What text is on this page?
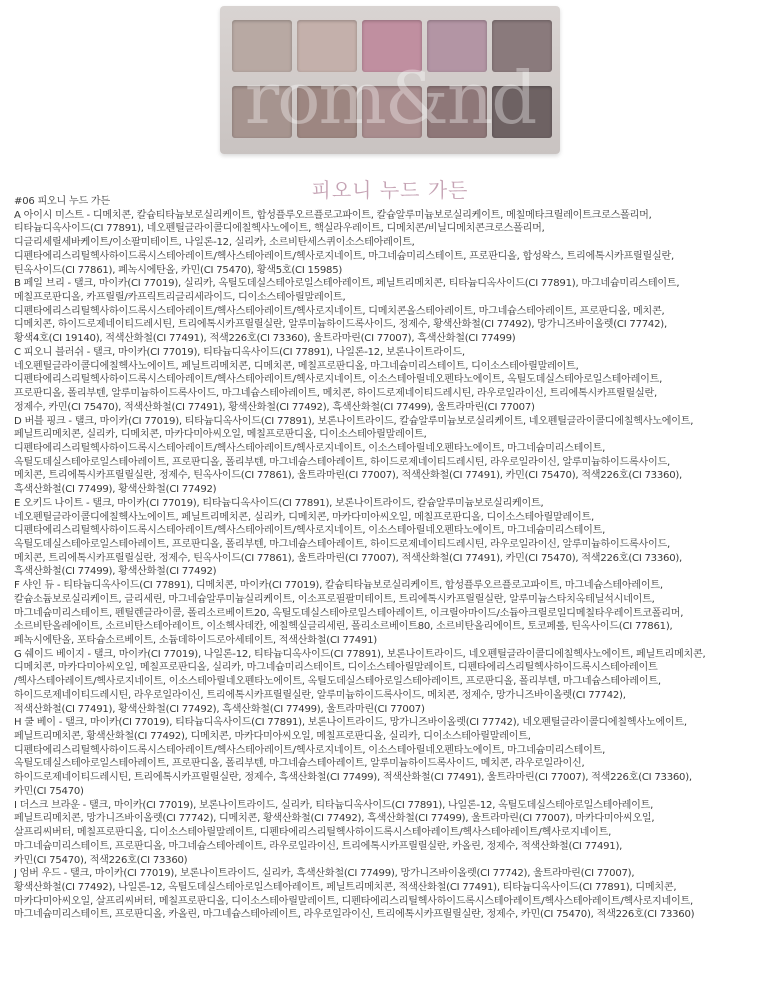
rom&nd
피오니 누드 가든
#06 피오니 누드 가든
A 아이시 미스트 - 디메치콘, 칼슘티타늄보로실리케이트, 합성플루오르플로고파이트, 칼슘알루미늄보로실리케이트, 메칠메타크릴레이트크로스폴리머,
티타늄디옥사이드(CI 77891), 네오펜틸글라이콜디에칠헥사노에이트, 핵실라우레이트, 디메치콘/비닐디메치콘크로스폴리머,
디글리세릴세바케이트/이소팔미테이트, 나일론-12, 실리카, 소르비탄세스퀴이소스테아레이트,
디펜타에리스리틸헥사하이드록시스테아레이트/헥사스테아레이트/헥사로지네이트, 마그네슘미리스테이트, 프로판디올, 합성왁스, 트리에톡시카프릴릴실란,
틴옥사이드(CI 77861), 폐녹시에탄올, 카민(CI 75470), 황색5호(CI 15985)
B 페일 브리 - 탤크, 마이카(CI 77019), 실리카, 옥틸도데실스테아로일스테아레이트, 페닐트리메치콘, 티타늄디옥사이드(CI 77891), 마그네슘미리스테이트,
메칠프로판디올, 카프릴릴/카프릭트리글리세라이드, 디이소스테아릴말레이트,
디펜타에리스리틸헥사하이드록시스테아레이트/헥사스테아레이트/헥사로지네이트, 디메치콘올스테아레이트, 마그네슘스테아레이트, 프로판디올, 메치콘,
디메치콘, 하이드로제네이티드레시틴, 트리에톡시카프릴릴실란, 알루미늄하이드록사이드, 정제수, 황색산화철(CI 77492), 망가니즈바이올렛(CI 77742),
황색4호(CI 19140), 적색산화철(CI 77491), 적색226호(CI 73360), 울트라마린(CI 77007), 흑색산화철(CI 77499)
C 피오니 블러쉬 - 탤크, 마이카(CI 77019), 티타늄디옥사이드(CI 77891), 나일론-12, 보론나이트라이드,
네오펜틸글라이콜디에칠헥사노에이트, 페닐트리메치콘, 디메치콘, 메칠프로판디올, 마그네슘미리스테이트, 디이소스테아릴말레이트,
디펜타에리스리틸헥사하이드록시스테아레이트/헥사스테아레이트/헥사로지네이트, 이소스테아릴네오펜타노에이트, 옥틸도데실스테아로일스테아레이트,
프로판디올, 폴리부텐, 알루미늄하이드록사이드, 마그네슘스테아레이트, 메치콘, 하이드로제네이티드레시틴, 라우로일라이신, 트리에톡시카프릴릴실란,
정제수, 카민(CI 75470), 적색산화철(CI 77491), 황색산화철(CI 77492), 흑색산화철(CI 77499), 울트라마린(CI 77007)
D 버블 핑크 - 탤크, 마이카(CI 77019), 티타늄디옥사이드(CI 77891), 보론나이트라이드, 칼슘알루미늄보로실리케이트, 네오펜틸글라이콜디에칠헥사노에이트,
페닐트리메치콘, 실리카, 디메치콘, 마카다미아씨오일, 메칠프로판디올, 디이소스테아릴말레이트,
디펜타에리스리틸헥사하이드록시스테아레이트/헥사스테아레이트/헥사로지네이트, 이소스테아릴네오펜타노에이트, 마그네슘미리스테이트,
옥틸도데실스테아로일스테아레이트, 프로판디올, 폴리부텐, 마그네슘스테아레이트, 하이드로제네이티드레시틴, 라우로일라이신, 알루미늄하이드록사이드,
메치콘, 트리에톡시카프릴릴실란, 정제수, 틴옥사이드(CI 77861), 울트라마린(CI 77007), 적색산화철(CI 77491), 카민(CI 75470), 적색226호(CI 73360),
흑색산화철(CI 77499), 황색산화철(CI 77492)
E 오키드 나이트 - 탤크, 마이카(CI 77019), 티타늄디옥사이드(CI 77891), 보론나이트라이드, 칼슘알루미늄보로실리케이트,
네오펜틸글라이콜디에칠헥사노에이트, 페닐트리메치콘, 실리카, 디메치콘, 마카다미아씨오일, 메칠프로판디올, 디이소스테아릴말레이트,
디펜타에리스리틸헥사하이드록시스테아레이트/헥사스테아레이트/헥사로지네이트, 이소스테아릴네오펜타노에이트, 마그네슘미리스테이트,
옥틸도데실스테아로일스테아레이트, 프로판디올, 폴리부텐, 마그네슘스테아레이트, 하이드로제네이티드레시틴, 라우로일라이신, 알루미늄하이드록사이드,
메치콘, 트리에톡시카프릴릴실란, 정제수, 틴옥사이드(CI 77861), 울트라마린(CI 77007), 적색산화철(CI 77491), 카민(CI 75470), 적색226호(CI 73360),
흑색산화철(CI 77499), 황색산화철(CI 77492)
F 샤인 듀 - 티타늄디옥사이드(CI 77891), 디메치콘, 마이카(CI 77019), 칼슘티타늄보로실리케이트, 합성플루오르플로고파이트, 마그네슘스테아레이트,
칼슘소듐보로실리케이트, 글리세린, 마그네슘알루미늄실리케이트, 이소프로필팔미테이트, 트리에톡시카프릴릴실란, 알루미늄스타치옥테닐석시네이트,
마그네슘미리스테이트, 펜틸렌글라이콜, 폴리소르베이트20, 옥틸도데실스테아로일스테아레이트, 이크릴아마이드/소듐아크릴로일디메칠타우레이트코폴리머,
소르비탄올레에이트, 소르비탄스테아레이트, 이소헥사데칸, 에칠헥실글리세린, 폴리소르베이트80, 소르비탄올리에이트, 토코페롤, 틴옥사이드(CI 77861),
페녹시에탄올, 포타슘소르베이트, 소듐데하이드로아세테이트, 적색산화철(CI 77491)
G 쉐이드 베이지 - 탤크, 마이카(CI 77019), 나일론-12, 티타늄디옥사이드(CI 77891), 보론나이트라이드, 네오펜틸글라이콜디에칠헥사노에이트, 페닐트리메치콘,
디메치콘, 마카다미아씨오일, 메칠프로판디올, 실리카, 마그네슘미리스테이트, 디이소스테아릴말레이트, 디펜타에리스리틸헥사하이드록시스테아레이트
/헥사스테아레이트/헥사로지네이트, 이소스테아릴네오펜타노에이트, 옥틸도데실스테아로일스테아레이트, 프로판디올, 폴리부텐, 마그네슘스테아레이트,
하이드로제네이티드레시틴, 라우로일라이신, 트리에톡시카프릴릴실란, 알루미늄하이드록사이드, 메치콘, 정제수, 망가니즈바이올렛(CI 77742),
적색산화철(CI 77491), 황색산화철(CI 77492), 흑색산화철(CI 77499), 울트라마린(CI 77007)
H 쿨 베이 - 탤크, 마이카(CI 77019), 티타늄디옥사이드(CI 77891), 보론나이트라이드, 망가니즈바이올렛(CI 77742), 네오펜틸글라이콜디에칠헥사노에이트,
페닐트리메치콘, 황색산화철(CI 77492), 디메치콘, 마카다미아씨오일, 메칠프로판디올, 실리카, 디이소스테아릴말레이트,
디펜타에리스리틸헥사하이드록시스테아레이트/헥사스테아레이트/헥사로지네이트, 이소스테아릴네오펜타노에이트, 마그네슘미리스테이트,
옥틸도데실스테아로일스테아레이트, 프로판디올, 폴리부텐, 마그네슘스테아레이트, 알루미늄하이드록사이드, 메치콘, 라우로일라이신,
하이드로제네이티드레시틴, 트리에톡시카프릴릴실란, 정제수, 흑색산화철(CI 77499), 적색산화철(CI 77491), 울트라마린(CI 77007), 적색226호(CI 73360),
카민(CI 75470)
I 더스크 브라운 - 탤크, 마이카(CI 77019), 보론나이트라이드, 실리카, 티타늄디옥사이드(CI 77891), 나일론-12, 옥틸도데실스테아로일스테아레이트,
페닐트리메치콘, 망가니즈바이올렛(CI 77742), 디메치콘, 황색산화철(CI 77492), 흑색산화철(CI 77499), 울트라마린(CI 77007), 마카다미아씨오일,
살프리씨버터, 메칠프로판디올, 디이소스테아릴말레이트, 디펜타에리스리틸헥사하이드록시스테아레이트/헥사스테아레이트/헥사로지네이트,
마그네슘미리스테이트, 프로판디올, 마그네슘스테아레이트, 라우로일라이신, 트리에톡시카프릴릴실란, 카올린, 정제수, 적색산화철(CI 77491),
카민(CI 75470), 적색226호(CI 73360)
J 엄버 우드 - 탤크, 마이카(CI 77019), 보론나이트라이드, 실리카, 흑색산화철(CI 77499), 망가니즈바이올렛(CI 77742), 울트라마린(CI 77007),
황색산화철(CI 77492), 나일론-12, 옥틸도데실스테아로일스테아레이트, 페닐트리메치콘, 적색산화철(CI 77491), 티타늄디옥사이드(CI 77891), 디메치콘,
마카다미아씨오일, 살프리씨버터, 메칠프로판디올, 디이소스테아릴말레이트, 디펜타에리스리틸헥사하이드록시스테아레이트/헥사스테아레이트/헥사로지네이트,
마그네슘미리스테이트, 프로판디올, 카올린, 마그네슘스테아레이트, 라우로일라이신, 트리에톡시카프릴릴실란, 정제수, 카민(CI 75470), 적색226호(CI 73360)
